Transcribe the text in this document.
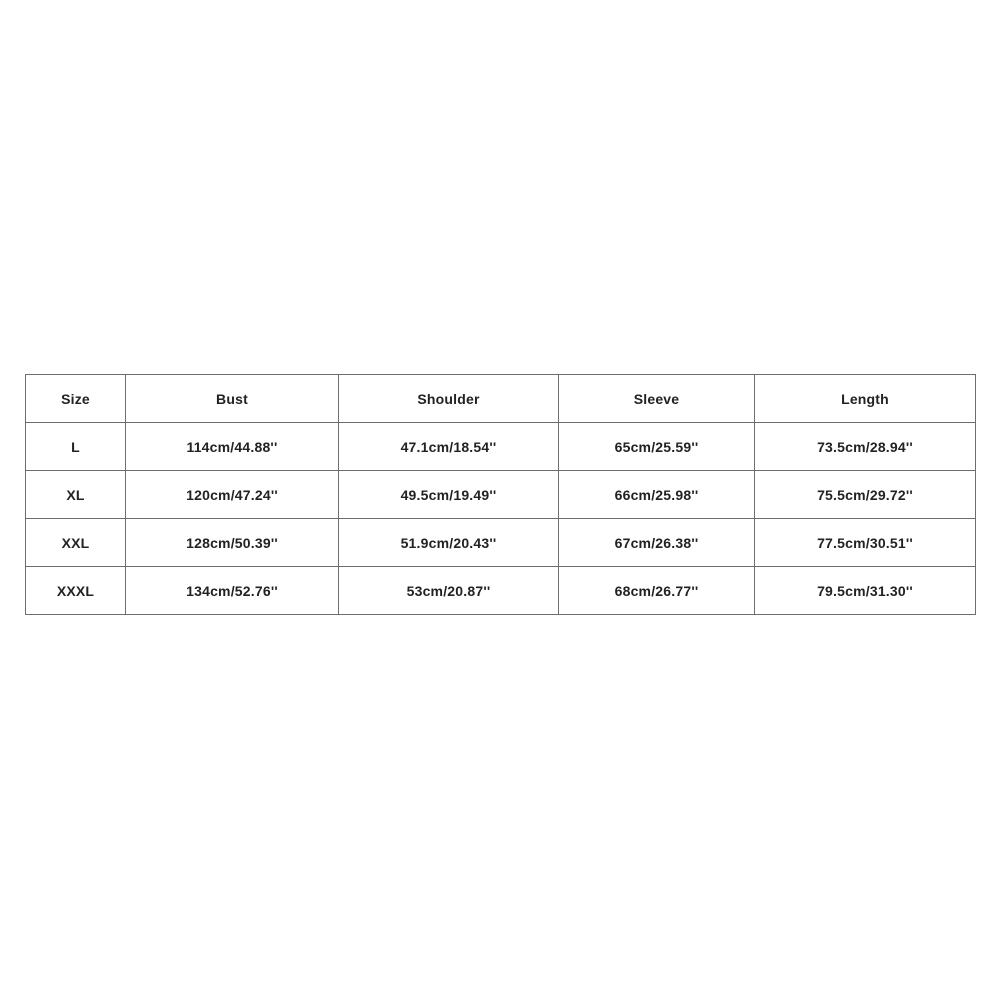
Size	Bust	Shoulder	Sleeve	Length
L	114cm/44.88''	47.1cm/18.54''	65cm/25.59''	73.5cm/28.94''
XL	120cm/47.24''	49.5cm/19.49''	66cm/25.98''	75.5cm/29.72''
XXL	128cm/50.39''	51.9cm/20.43''	67cm/26.38''	77.5cm/30.51''
XXXL	134cm/52.76''	53cm/20.87''	68cm/26.77''	79.5cm/31.30''
